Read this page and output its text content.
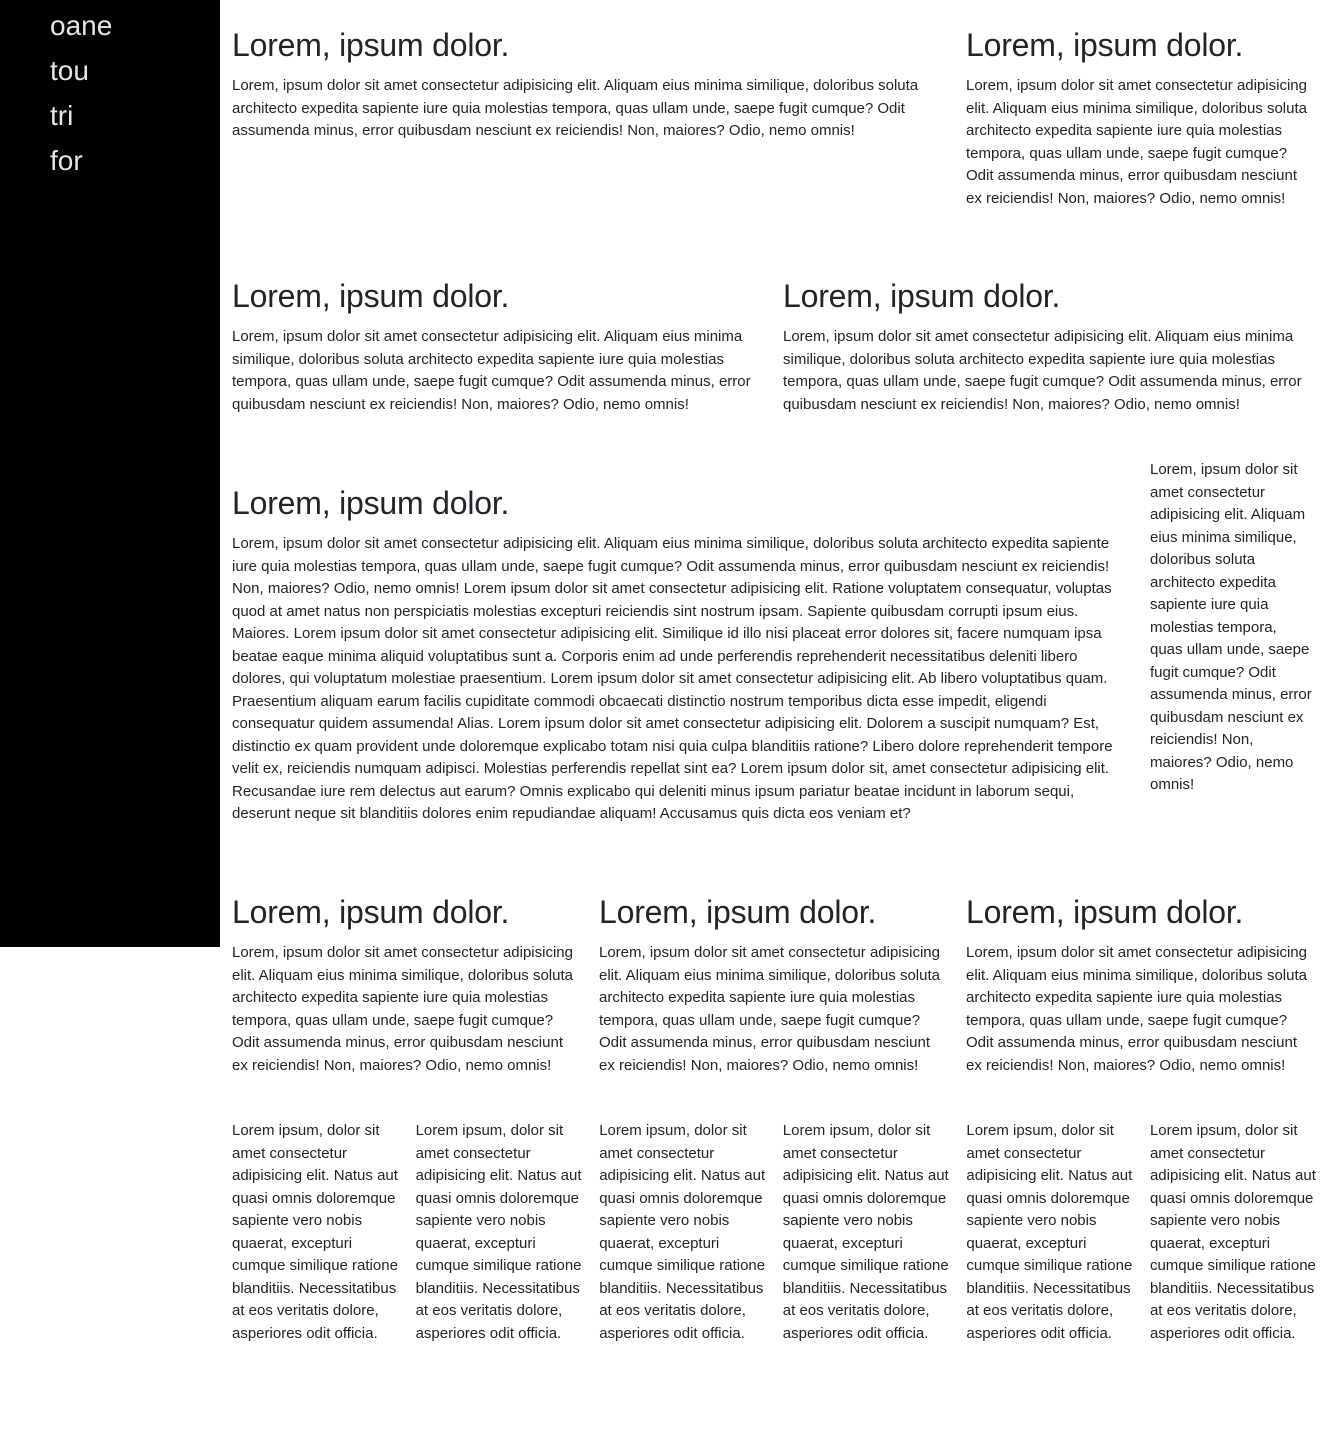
oane
tou
tri
for
Lorem, ipsum dolor.

Lorem, ipsum dolor sit amet consectetur adipisicing elit. Aliquam eius minima similique, doloribus soluta architecto expedita sapiente iure quia molestias tempora, quas ullam unde, saepe fugit cumque? Odit assumenda minus, error quibusdam nesciunt ex reiciendis! Non, maiores? Odio, nemo omnis!

Lorem, ipsum dolor.

Lorem, ipsum dolor sit amet consectetur adipisicing elit. Aliquam eius minima similique, doloribus soluta architecto expedita sapiente iure quia molestias tempora, quas ullam unde, saepe fugit cumque? Odit assumenda minus, error quibusdam nesciunt ex reiciendis! Non, maiores? Odio, nemo omnis!

Lorem, ipsum dolor.

Lorem, ipsum dolor sit amet consectetur adipisicing elit. Aliquam eius minima similique, doloribus soluta architecto expedita sapiente iure quia molestias tempora, quas ullam unde, saepe fugit cumque? Odit assumenda minus, error quibusdam nesciunt ex reiciendis! Non, maiores? Odio, nemo omnis!

Lorem, ipsum dolor.

Lorem, ipsum dolor sit amet consectetur adipisicing elit. Aliquam eius minima similique, doloribus soluta architecto expedita sapiente iure quia molestias tempora, quas ullam unde, saepe fugit cumque? Odit assumenda minus, error quibusdam nesciunt ex reiciendis! Non, maiores? Odio, nemo omnis!

Lorem, ipsum dolor.

Lorem, ipsum dolor sit amet consectetur adipisicing elit. Aliquam eius minima similique, doloribus soluta architecto expedita sapiente iure quia molestias tempora, quas ullam unde, saepe fugit cumque? Odit assumenda minus, error quibusdam nesciunt ex reiciendis! Non, maiores? Odio, nemo omnis! Lorem ipsum dolor sit amet consectetur adipisicing elit. Ratione voluptatem consequatur, voluptas quod at amet natus non perspiciatis molestias excepturi reiciendis sint nostrum ipsam. Sapiente quibusdam corrupti ipsum eius. Maiores. Lorem ipsum dolor sit amet consectetur adipisicing elit. Similique id illo nisi placeat error dolores sit, facere numquam ipsa beatae eaque minima aliquid voluptatibus sunt a. Corporis enim ad unde perferendis reprehenderit necessitatibus deleniti libero dolores, qui voluptatum molestiae praesentium. Lorem ipsum dolor sit amet consectetur adipisicing elit. Ab libero voluptatibus quam. Praesentium aliquam earum facilis cupiditate commodi obcaecati distinctio nostrum temporibus dicta esse impedit, eligendi consequatur quidem assumenda! Alias. Lorem ipsum dolor sit amet consectetur adipisicing elit. Dolorem a suscipit numquam? Est, distinctio ex quam provident unde doloremque explicabo totam nisi quia culpa blanditiis ratione? Libero dolore reprehenderit tempore velit ex, reiciendis numquam adipisci. Molestias perferendis repellat sint ea? Lorem ipsum dolor sit, amet consectetur adipisicing elit. Recusandae iure rem delectus aut earum? Omnis explicabo qui deleniti minus ipsum pariatur beatae incidunt in laborum sequi, deserunt neque sit blanditiis dolores enim repudiandae aliquam! Accusamus quis dicta eos veniam et?

Lorem, ipsum dolor sit amet consectetur adipisicing elit. Aliquam eius minima similique, doloribus soluta architecto expedita sapiente iure quia molestias tempora, quas ullam unde, saepe fugit cumque? Odit assumenda minus, error quibusdam nesciunt ex reiciendis! Non, maiores? Odio, nemo omnis!

Lorem, ipsum dolor.

Lorem, ipsum dolor sit amet consectetur adipisicing elit. Aliquam eius minima similique, doloribus soluta architecto expedita sapiente iure quia molestias tempora, quas ullam unde, saepe fugit cumque? Odit assumenda minus, error quibusdam nesciunt ex reiciendis! Non, maiores? Odio, nemo omnis!

Lorem, ipsum dolor.

Lorem, ipsum dolor sit amet consectetur adipisicing elit. Aliquam eius minima similique, doloribus soluta architecto expedita sapiente iure quia molestias tempora, quas ullam unde, saepe fugit cumque? Odit assumenda minus, error quibusdam nesciunt ex reiciendis! Non, maiores? Odio, nemo omnis!

Lorem, ipsum dolor.

Lorem, ipsum dolor sit amet consectetur adipisicing elit. Aliquam eius minima similique, doloribus soluta architecto expedita sapiente iure quia molestias tempora, quas ullam unde, saepe fugit cumque? Odit assumenda minus, error quibusdam nesciunt ex reiciendis! Non, maiores? Odio, nemo omnis!

Lorem ipsum, dolor sit amet consectetur adipisicing elit. Natus aut quasi omnis doloremque sapiente vero nobis quaerat, excepturi cumque similique ratione blanditiis. Necessitatibus at eos veritatis dolore, asperiores odit officia.

Lorem ipsum, dolor sit amet consectetur adipisicing elit. Natus aut quasi omnis doloremque sapiente vero nobis quaerat, excepturi cumque similique ratione blanditiis. Necessitatibus at eos veritatis dolore, asperiores odit officia.

Lorem ipsum, dolor sit amet consectetur adipisicing elit. Natus aut quasi omnis doloremque sapiente vero nobis quaerat, excepturi cumque similique ratione blanditiis. Necessitatibus at eos veritatis dolore, asperiores odit officia.

Lorem ipsum, dolor sit amet consectetur adipisicing elit. Natus aut quasi omnis doloremque sapiente vero nobis quaerat, excepturi cumque similique ratione blanditiis. Necessitatibus at eos veritatis dolore, asperiores odit officia.

Lorem ipsum, dolor sit amet consectetur adipisicing elit. Natus aut quasi omnis doloremque sapiente vero nobis quaerat, excepturi cumque similique ratione blanditiis. Necessitatibus at eos veritatis dolore, asperiores odit officia.

Lorem ipsum, dolor sit amet consectetur adipisicing elit. Natus aut quasi omnis doloremque sapiente vero nobis quaerat, excepturi cumque similique ratione blanditiis. Necessitatibus at eos veritatis dolore, asperiores odit officia.
